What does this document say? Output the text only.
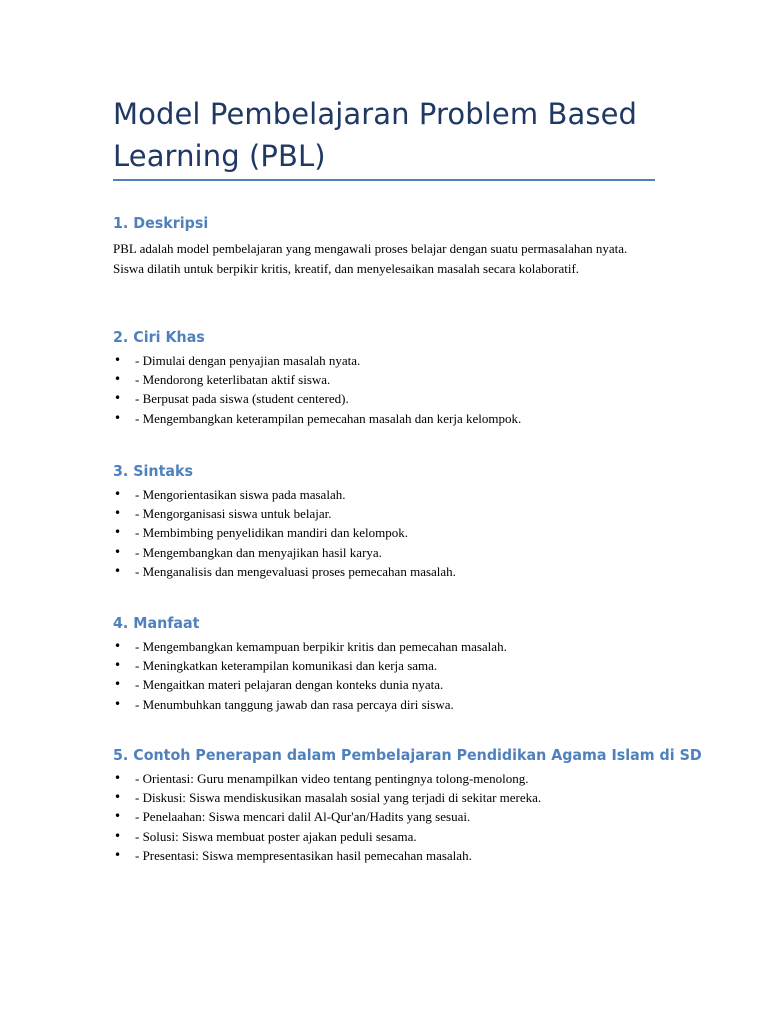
Model Pembelajaran Problem Based Learning (PBL)
1. Deskripsi

PBL adalah model pembelajaran yang mengawali proses belajar dengan suatu permasalahan nyata. Siswa dilatih untuk berpikir kritis, kreatif, dan menyelesaikan masalah secara kolaboratif.

2. Ciri Khas
• - Dimulai dengan penyajian masalah nyata.
• - Mendorong keterlibatan aktif siswa.
• - Berpusat pada siswa (student centered).
• - Mengembangkan keterampilan pemecahan masalah dan kerja kelompok.
3. Sintaks
• - Mengorientasikan siswa pada masalah.
• - Mengorganisasi siswa untuk belajar.
• - Membimbing penyelidikan mandiri dan kelompok.
• - Mengembangkan dan menyajikan hasil karya.
• - Menganalisis dan mengevaluasi proses pemecahan masalah.
4. Manfaat
• - Mengembangkan kemampuan berpikir kritis dan pemecahan masalah.
• - Meningkatkan keterampilan komunikasi dan kerja sama.
• - Mengaitkan materi pelajaran dengan konteks dunia nyata.
• - Menumbuhkan tanggung jawab dan rasa percaya diri siswa.
5. Contoh Penerapan dalam Pembelajaran Pendidikan Agama Islam di SD
• - Orientasi: Guru menampilkan video tentang pentingnya tolong-menolong.
• - Diskusi: Siswa mendiskusikan masalah sosial yang terjadi di sekitar mereka.
• - Penelaahan: Siswa mencari dalil Al-Qur'an/Hadits yang sesuai.
• - Solusi: Siswa membuat poster ajakan peduli sesama.
• - Presentasi: Siswa mempresentasikan hasil pemecahan masalah.
